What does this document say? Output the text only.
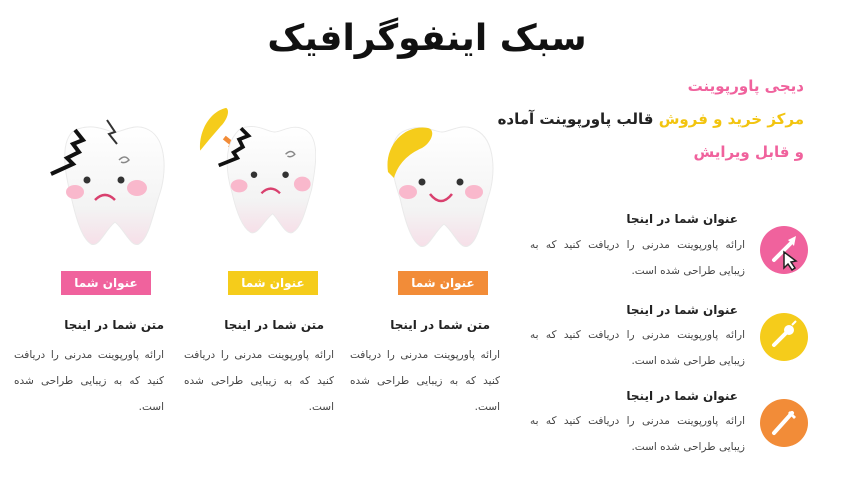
سبک اینفوگرافیک
دیجی پاورپوینت
مرکز خرید و فروش قالب پاورپوینت آماده
و قابل ویرایش
عنوان شما	عنوان شما	عنوان شما
متن شما در اینجا	متن شما در اینجا	متن شما در اینجا
ارائه پاورپوینت مدرنی را دریافت کنید که به زیبایی طراحی شده است.
ارائه پاورپوینت مدرنی را دریافت کنید که به زیبایی طراحی شده است.
ارائه پاورپوینت مدرنی را دریافت کنید که به زیبایی طراحی شده است.
عنوان شما در اینجا
ارائه پاورپوینت مدرنی را دریافت کنید که به زیبایی طراحی شده است.
عنوان شما در اینجا
ارائه پاورپوینت مدرنی را دریافت کنید که به زیبایی طراحی شده است.
عنوان شما در اینجا
ارائه پاورپوینت مدرنی را دریافت کنید که به زیبایی طراحی شده است.
